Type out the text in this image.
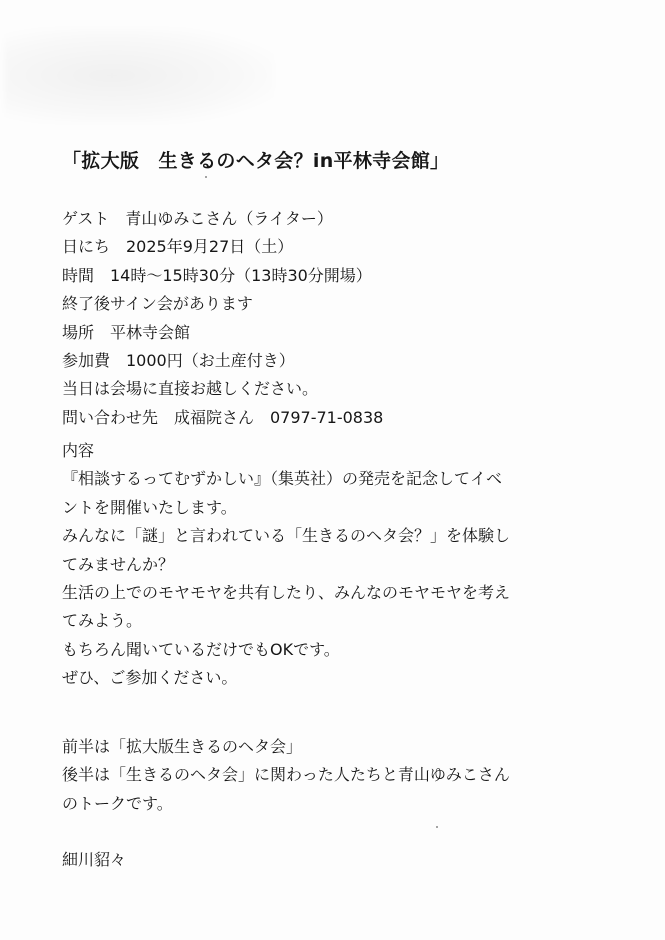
「拡大版　生きるのヘタ会？in平林寺会館」
ゲスト　青山ゆみこさん（ライター）
日にち　2025年9月27日（土）
時間　14時～15時30分（13時30分開場）
終了後サイン会があります
場所　平林寺会館
参加費　1000円（お土産付き）
当日は会場に直接お越しください。
問い合わせ先　成福院さん　0797-71-0838
内容
『相談するってむずかしい』（集英社）の発売を記念してイベ
ントを開催いたします。
みんなに「謎」と言われている「生きるのヘタ会？」を体験し
てみませんか？
生活の上でのモヤモヤを共有したり、みんなのモヤモヤを考え
てみよう。
もちろん聞いているだけでもOKです。
ぜひ、ご参加ください。
前半は「拡大版生きるのヘタ会」
後半は「生きるのヘタ会」に関わった人たちと青山ゆみこさん
のトークです。
細川貂々
